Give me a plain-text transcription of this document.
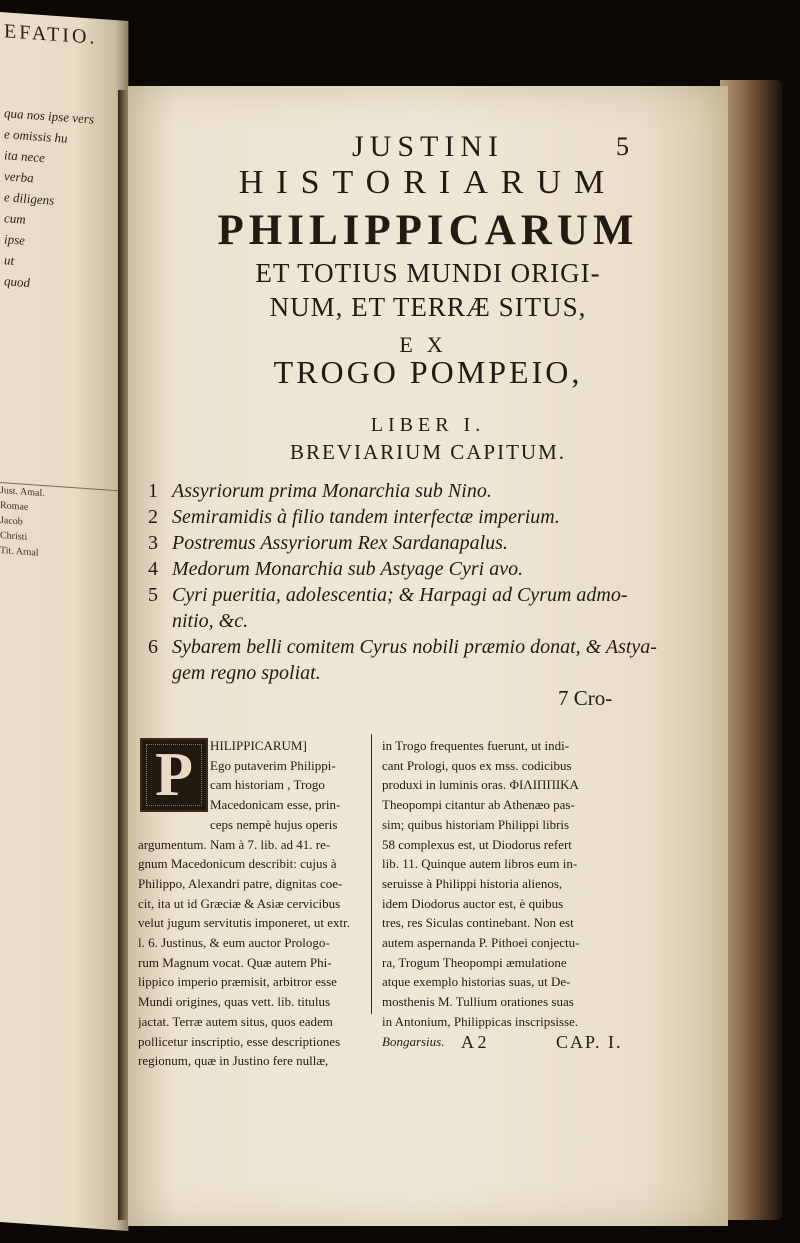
EFATIO.
qua nos ipse vers
e omissis hu
ita nece
verba
e diligens
cum
ipse
ut
quod
Just. Amal.
Romae
Jacob
Christi
Tit. Arnal
5
JUSTINI
HISTORIARUM
PHILIPPICARUM
ET TOTIUS MUNDI ORIGI-
NUM, ET TERRÆ SITUS,
EX
TROGO POMPEIO,
LIBER I.
BREVIARIUM CAPITUM.
1 Assyriorum prima Monarchia sub Nino.
2 Semiramidis à filio tandem interfectæ imperium.
3 Postremus Assyriorum Rex Sardanapalus.
4 Medorum Monarchia sub Astyage Cyri avo.
5 Cyri pueritia, adolescentia; & Harpagi ad Cyrum admo-
nitio, &c.
6 Sybarem belli comitem Cyrus nobili præmio donat, & Astya-
gem regno spoliat.
7 Cro-
P	HILIPPICARUM]
Ego putaverim Philippi-
cam historiam , Trogo
Macedonicam esse, prin-
ceps nempè hujus operis
argumentum. Nam à 7. lib. ad 41. re-
gnum Macedonicum describit: cujus à
Philippo, Alexandri patre, dignitas coe-
cit, ita ut id Græciæ & Asiæ cervicibus
velut jugum servitutis imponeret, ut extr.
l. 6. Justinus, & eum auctor Prologo-
rum Magnum vocat. Quæ autem Phi-
lippico imperio præmisit, arbitror esse
Mundi origines, quas vett. lib. titulus
jactat. Terræ autem situs, quos eadem
pollicetur inscriptio, esse descriptiones
regionum, quæ in Justino fere nullæ,
in Trogo frequentes fuerunt, ut indi-
cant Prologi, quos ex mss. codicibus
produxi in luminis oras. ΦΙΛΙΠΠΙΚΑ
Theopompi citantur ab Athenæo pas-
sim; quibus historiam Philippi libris
58 complexus est, ut Diodorus refert
lib. 11. Quinque autem libros eum in-
seruisse à Philippi historia alienos,
idem Diodorus auctor est, è quibus
tres, res Siculas continebant. Non est
autem aspernanda P. Pithoei conjectu-
ra, Trogum Theopompi æmulatione
atque exemplo historias suas, ut De-
mosthenis M. Tullium orationes suas
in Antonium, Philippicas inscripsisse.
Bongarsius. A 2	CAP. I.
